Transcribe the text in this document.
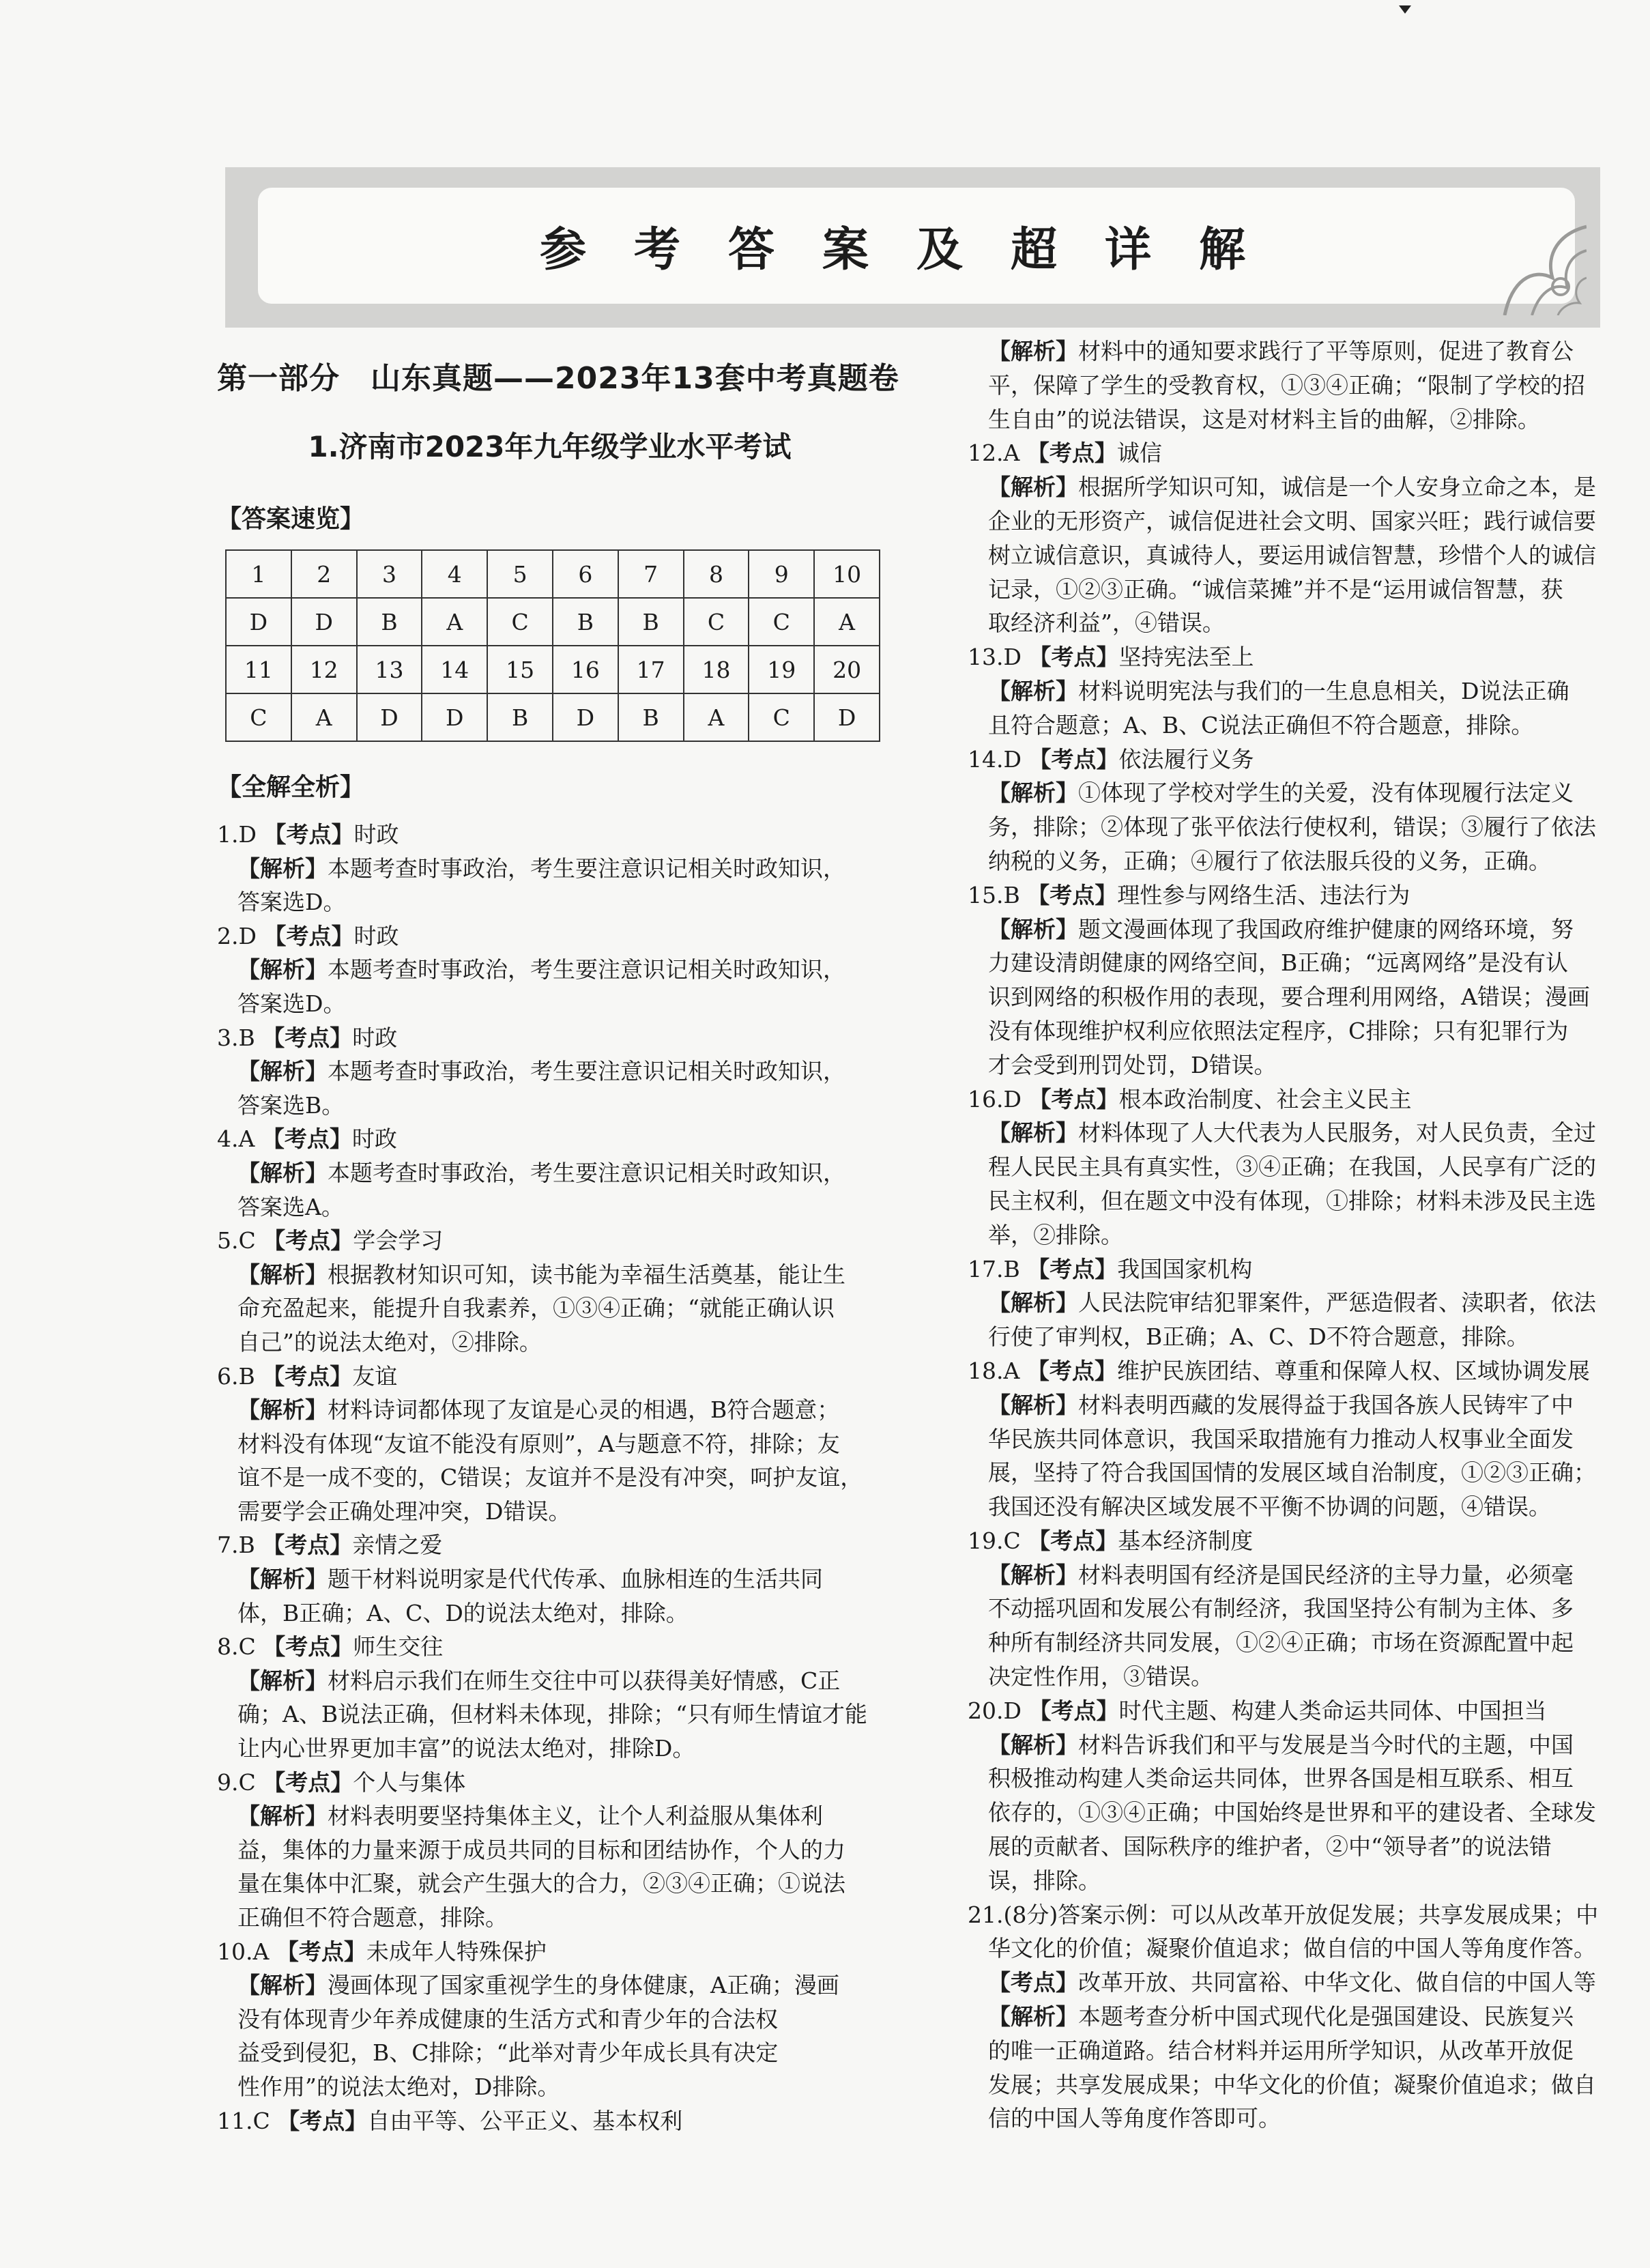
参考答案及超详解
第一部分　山东真题——2023年13套中考真题卷
1.济南市2023年九年级学业水平考试
【答案速览】
1	2	3	4	5	6	7	8	9	10
D	D	B	A	C	B	B	C	C	A
11	12	13	14	15	16	17	18	19	20
C	A	D	D	B	D	B	A	C	D
【全解全析】

1.D 【考点】时政

【解析】本题考查时事政治，考生要注意识记相关时政知识，

答案选D。

2.D 【考点】时政

【解析】本题考查时事政治，考生要注意识记相关时政知识，

答案选D。

3.B 【考点】时政

【解析】本题考查时事政治，考生要注意识记相关时政知识，

答案选B。

4.A 【考点】时政

【解析】本题考查时事政治，考生要注意识记相关时政知识，

答案选A。

5.C 【考点】学会学习

【解析】根据教材知识可知，读书能为幸福生活奠基，能让生

命充盈起来，能提升自我素养，①③④正确；“就能正确认识

自己”的说法太绝对，②排除。

6.B 【考点】友谊

【解析】材料诗词都体现了友谊是心灵的相遇，B符合题意；

材料没有体现“友谊不能没有原则”，A与题意不符，排除；友

谊不是一成不变的，C错误；友谊并不是没有冲突，呵护友谊，

需要学会正确处理冲突，D错误。

7.B 【考点】亲情之爱

【解析】题干材料说明家是代代传承、血脉相连的生活共同

体，B正确；A、C、D的说法太绝对，排除。

8.C 【考点】师生交往

【解析】材料启示我们在师生交往中可以获得美好情感，C正

确；A、B说法正确，但材料未体现，排除；“只有师生情谊才能

让内心世界更加丰富”的说法太绝对，排除D。

9.C 【考点】个人与集体

【解析】材料表明要坚持集体主义，让个人利益服从集体利

益，集体的力量来源于成员共同的目标和团结协作，个人的力

量在集体中汇聚，就会产生强大的合力，②③④正确；①说法

正确但不符合题意，排除。

10.A 【考点】未成年人特殊保护

【解析】漫画体现了国家重视学生的身体健康，A正确；漫画

没有体现青少年养成健康的生活方式和青少年的合法权

益受到侵犯，B、C排除；“此举对青少年成长具有决定

性作用”的说法太绝对，D排除。

11.C 【考点】自由平等、公平正义、基本权利

【解析】材料中的通知要求践行了平等原则，促进了教育公

平，保障了学生的受教育权，①③④正确；“限制了学校的招

生自由”的说法错误，这是对材料主旨的曲解，②排除。

12.A 【考点】诚信

【解析】根据所学知识可知，诚信是一个人安身立命之本，是

企业的无形资产，诚信促进社会文明、国家兴旺；践行诚信要

树立诚信意识，真诚待人，要运用诚信智慧，珍惜个人的诚信

记录，①②③正确。“诚信菜摊”并不是“运用诚信智慧，获

取经济利益”，④错误。

13.D 【考点】坚持宪法至上

【解析】材料说明宪法与我们的一生息息相关，D说法正确

且符合题意；A、B、C说法正确但不符合题意，排除。

14.D 【考点】依法履行义务

【解析】①体现了学校对学生的关爱，没有体现履行法定义

务，排除；②体现了张平依法行使权利，错误；③履行了依法

纳税的义务，正确；④履行了依法服兵役的义务，正确。

15.B 【考点】理性参与网络生活、违法行为

【解析】题文漫画体现了我国政府维护健康的网络环境，努

力建设清朗健康的网络空间，B正确；“远离网络”是没有认

识到网络的积极作用的表现，要合理利用网络，A错误；漫画

没有体现维护权利应依照法定程序，C排除；只有犯罪行为

才会受到刑罚处罚，D错误。

16.D 【考点】根本政治制度、社会主义民主

【解析】材料体现了人大代表为人民服务，对人民负责，全过

程人民民主具有真实性，③④正确；在我国，人民享有广泛的

民主权利，但在题文中没有体现，①排除；材料未涉及民主选

举，②排除。

17.B 【考点】我国国家机构

【解析】人民法院审结犯罪案件，严惩造假者、渎职者，依法

行使了审判权，B正确；A、C、D不符合题意，排除。

18.A 【考点】维护民族团结、尊重和保障人权、区域协调发展

【解析】材料表明西藏的发展得益于我国各族人民铸牢了中

华民族共同体意识，我国采取措施有力推动人权事业全面发

展，坚持了符合我国国情的发展区域自治制度，①②③正确；

我国还没有解决区域发展不平衡不协调的问题，④错误。

19.C 【考点】基本经济制度

【解析】材料表明国有经济是国民经济的主导力量，必须毫

不动摇巩固和发展公有制经济，我国坚持公有制为主体、多

种所有制经济共同发展，①②④正确；市场在资源配置中起

决定性作用，③错误。

20.D 【考点】时代主题、构建人类命运共同体、中国担当

【解析】材料告诉我们和平与发展是当今时代的主题，中国

积极推动构建人类命运共同体，世界各国是相互联系、相互

依存的，①③④正确；中国始终是世界和平的建设者、全球发

展的贡献者、国际秩序的维护者，②中“领导者”的说法错

误，排除。

21.(8分)答案示例：可以从改革开放促发展；共享发展成果；中

华文化的价值；凝聚价值追求；做自信的中国人等角度作答。

【考点】改革开放、共同富裕、中华文化、做自信的中国人等

【解析】本题考查分析中国式现代化是强国建设、民族复兴

的唯一正确道路。结合材料并运用所学知识，从改革开放促

发展；共享发展成果；中华文化的价值；凝聚价值追求；做自

信的中国人等角度作答即可。
